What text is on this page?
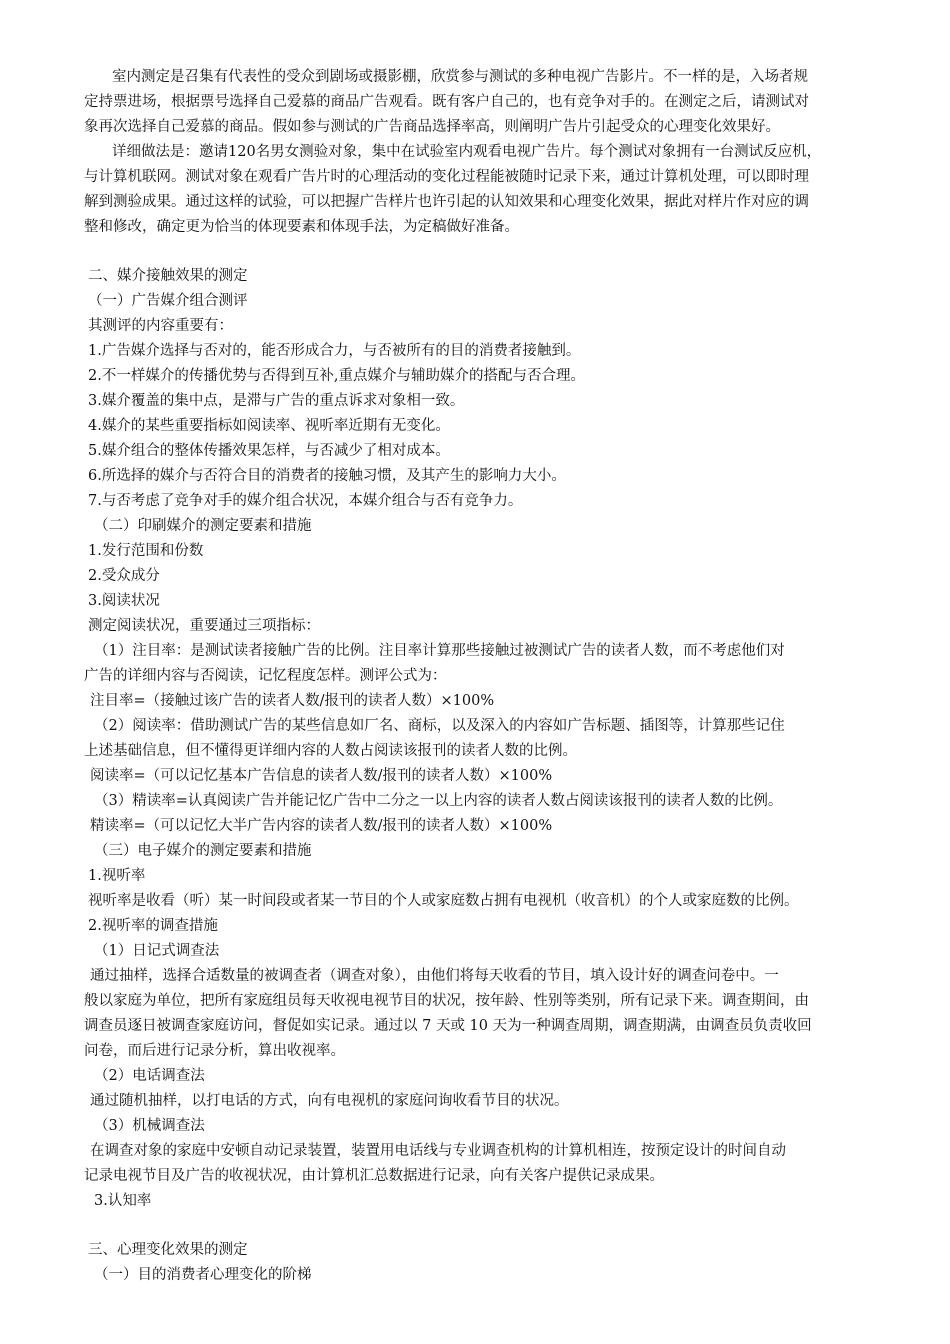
室内测定是召集有代表性的受众到剧场或摄影棚，欣赏参与测试的多种电视广告影片。不一样的是，入场者规
定持票进场，根据票号选择自己爱慕的商品广告观看。既有客户自己的，也有竞争对手的。在测定之后，请测试对
象再次选择自己爱慕的商品。假如参与测试的广告商品选择率高，则阐明广告片引起受众的心理变化效果好。
详细做法是：邀请120名男女测验对象，集中在试验室内观看电视广告片。每个测试对象拥有一台测试反应机，
与计算机联网。测试对象在观看广告片时的心理活动的变化过程能被随时记录下来，通过计算机处理，可以即时理
解到测验成果。通过这样的试验，可以把握广告样片也许引起的认知效果和心理变化效果，据此对样片作对应的调
整和修改，确定更为恰当的体现要素和体现手法，为定稿做好准备。
二、媒介接触效果的测定
（一）广告媒介组合测评
其测评的内容重要有：
1.广告媒介选择与否对的，能否形成合力，与否被所有的目的消费者接触到。
2.不一样媒介的传播优势与否得到互补,重点媒介与辅助媒介的搭配与否合理。
3.媒介覆盖的集中点，是滞与广告的重点诉求对象相一致。
4.媒介的某些重要指标如阅读率、视听率近期有无变化。
5.媒介组合的整体传播效果怎样，与否减少了相对成本。
6.所选择的媒介与否符合目的消费者的接触习惯，及其产生的影响力大小。
7.与否考虑了竞争对手的媒介组合状况，本媒介组合与否有竞争力。
（二）印刷媒介的测定要素和措施
1.发行范围和份数
2.受众成分
3.阅读状况
测定阅读状况，重要通过三项指标：
（1）注目率：是测试读者接触广告的比例。注目率计算那些接触过被测试广告的读者人数，而不考虑他们对
广告的详细内容与否阅读，记忆程度怎样。测评公式为：
注目率=（接触过该广告的读者人数/报刊的读者人数）×100%
（2）阅读率：借助测试广告的某些信息如厂名、商标，以及深入的内容如广告标题、插图等，计算那些记住
上述基础信息，但不懂得更详细内容的人数占阅读该报刊的读者人数的比例。
阅读率=（可以记忆基本广告信息的读者人数/报刊的读者人数）×100%
（3）精读率=认真阅读广告并能记忆广告中二分之一以上内容的读者人数占阅读该报刊的读者人数的比例。
精读率=（可以记忆大半广告内容的读者人数/报刊的读者人数）×100%
（三）电子媒介的测定要素和措施
1.视听率
视听率是收看（听）某一时间段或者某一节目的个人或家庭数占拥有电视机（收音机）的个人或家庭数的比例。
2.视听率的调查措施
（1）日记式调查法
通过抽样，选择合适数量的被调查者（调查对象），由他们将每天收看的节目，填入设计好的调查问卷中。一
般以家庭为单位，把所有家庭组员每天收视电视节目的状况，按年龄、性别等类别，所有记录下来。调查期间，由
调查员逐日被调查家庭访问，督促如实记录。通过以 7 天或 10 天为一种调查周期，调查期满，由调查员负责收回
问卷，而后进行记录分析，算出收视率。
（2）电话调查法
通过随机抽样，以打电话的方式，向有电视机的家庭问询收看节目的状况。
（3）机械调查法
在调查对象的家庭中安顿自动记录装置，装置用电话线与专业调查机构的计算机相连，按预定设计的时间自动
记录电视节目及广告的收视状况，由计算机汇总数据进行记录，向有关客户提供记录成果。
3.认知率
三、心理变化效果的测定
（一）目的消费者心理变化的阶梯
